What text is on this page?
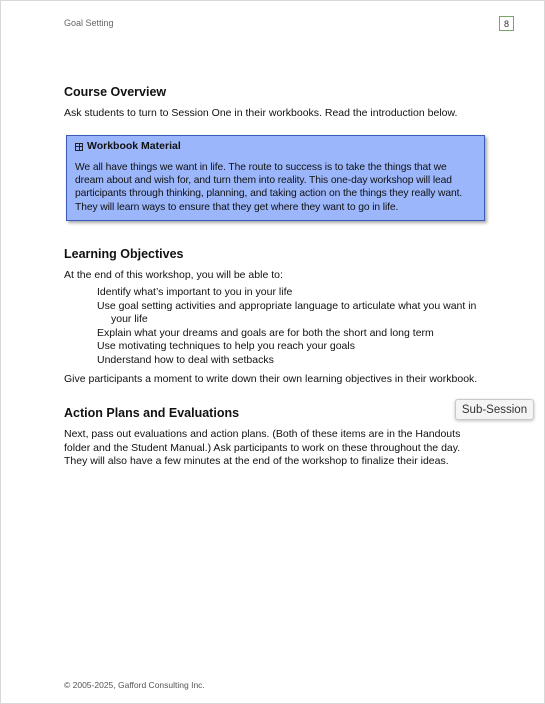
Goal Setting	8
Course Overview

Ask students to turn to Session One in their workbooks. Read the introduction below.

Workbook Material
We all have things we want in life. The route to success is to take the things that we dream about and wish for, and turn them into reality. This one-day workshop will lead participants through thinking, planning, and taking action on the things they really want. They will learn ways to ensure that they get where they want to go in life.
Learning Objectives

At the end of this workshop, you will be able to:

Identify what’s important to you in your life
Use goal setting activities and appropriate language to articulate what you want in your life
Explain what your dreams and goals are for both the short and long term
Use motivating techniques to help you reach your goals
Understand how to deal with setbacks

Give participants a moment to write down their own learning objectives in their workbook.

Action Plans and Evaluations

Next, pass out evaluations and action plans. (Both of these items are in the Handouts folder and the Student Manual.) Ask participants to work on these throughout the day. They will also have a few minutes at the end of the workshop to finalize their ideas.

Sub-Session
© 2005-2025, Gafford Consulting Inc.
